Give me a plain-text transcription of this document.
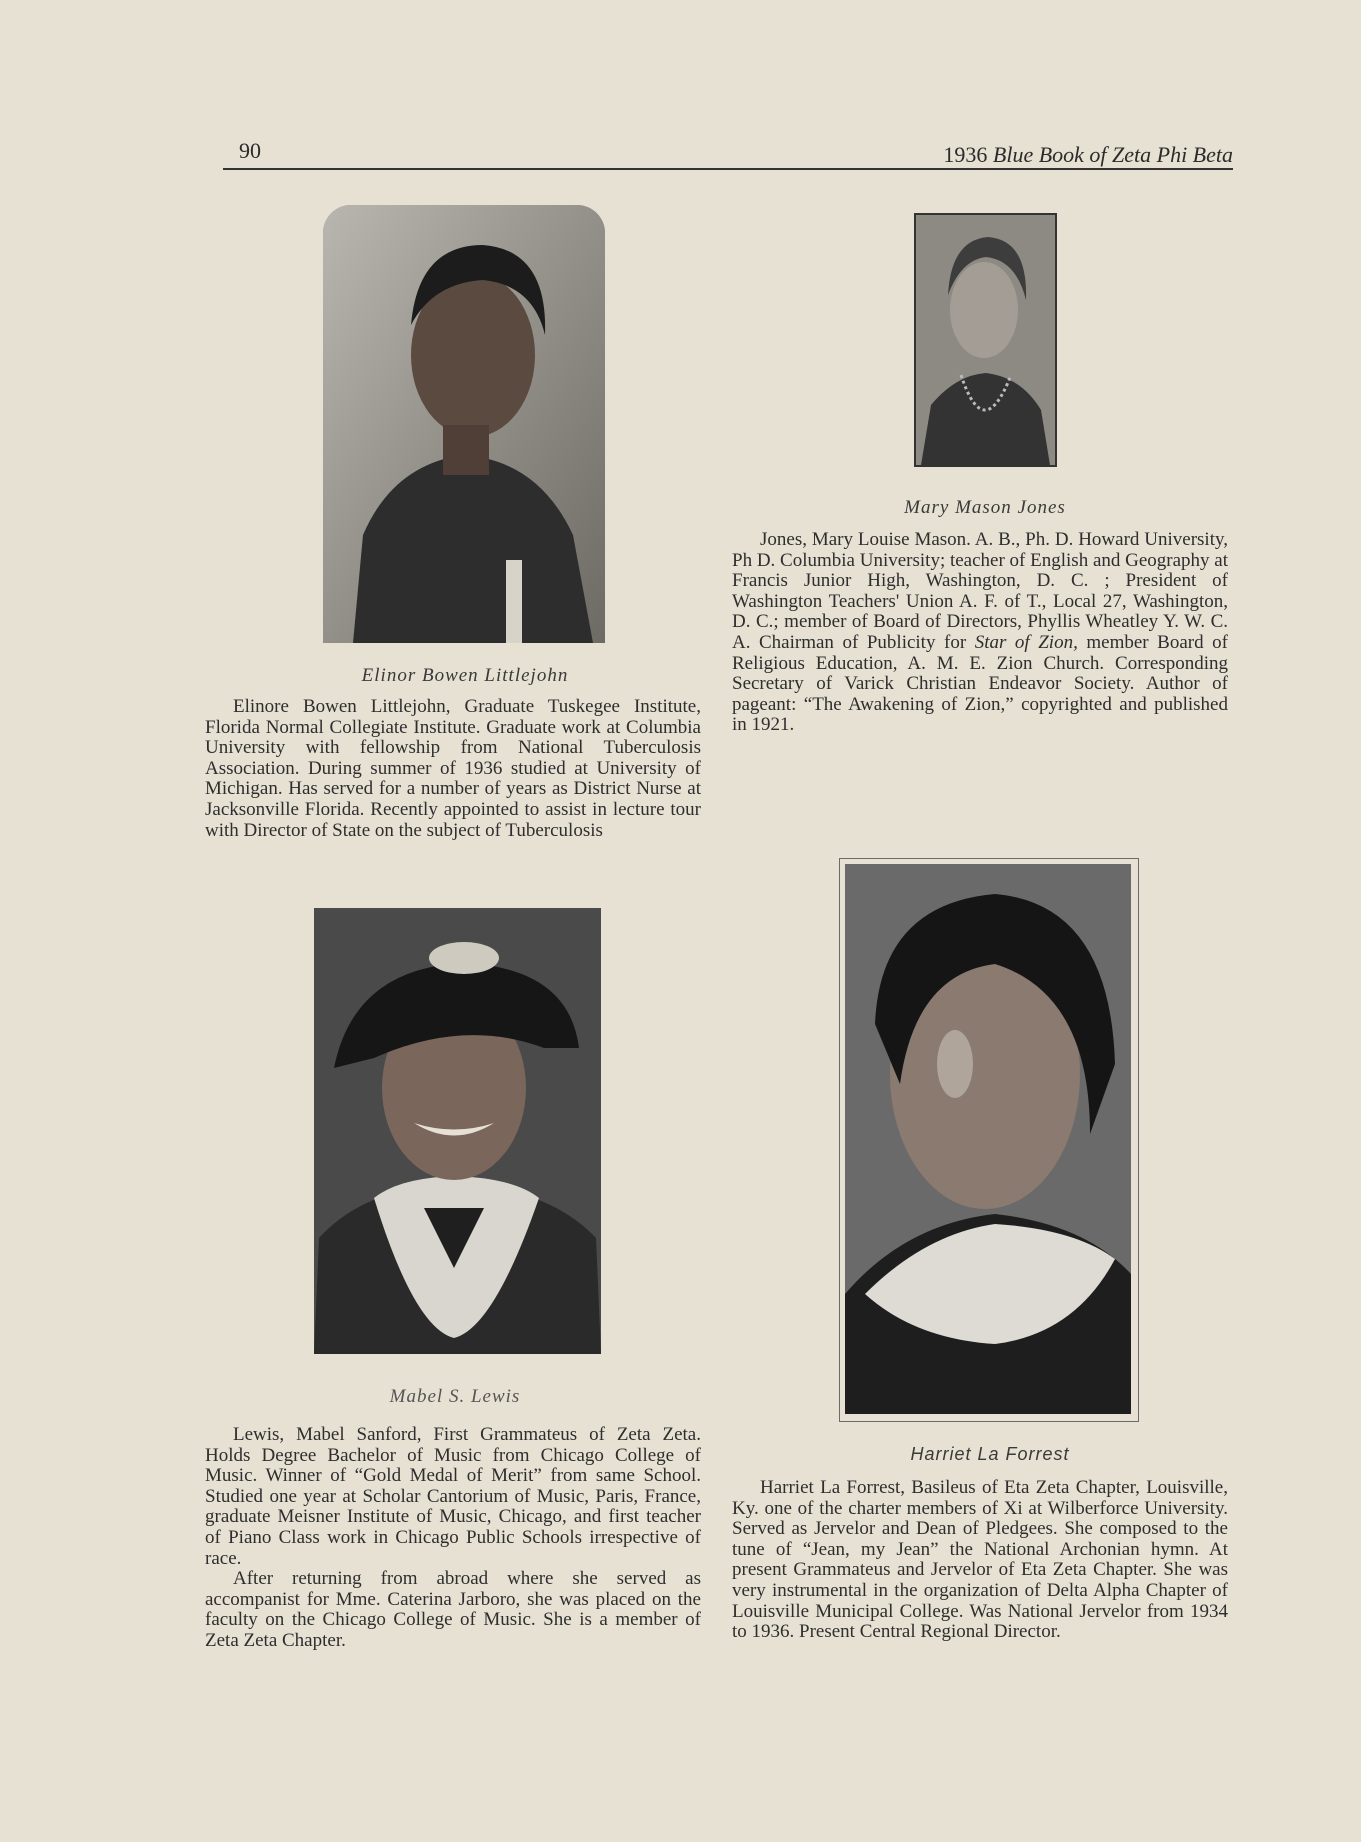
90	1936 Blue Book of Zeta Phi Beta
Elinor Bowen Littlejohn

Elinore Bowen Littlejohn, Graduate Tuskegee Institute, Florida Normal Collegiate Institute. Graduate work at Columbia University with fellowship from National Tuberculosis Association. During summer of 1936 studied at University of Michigan. Has served for a number of years as District Nurse at Jacksonville Florida. Recently appointed to assist in lecture tour with Director of State on the subject of Tuberculosis

Mary Mason Jones

Jones, Mary Louise Mason. A. B., Ph. D. Howard University, Ph D. Columbia University; teacher of English and Geography at Francis Junior High, Washington, D. C. ; President of Washington Teachers' Union A. F. of T., Local 27, Washington, D. C.; member of Board of Directors, Phyllis Wheatley Y. W. C. A. Chairman of Publicity for Star of Zion, member Board of Religious Education, A. M. E. Zion Church. Corresponding Secretary of Varick Christian Endeavor Society. Author of pageant: “The Awakening of Zion,” copyrighted and published in 1921.

Mabel S. Lewis

Lewis, Mabel Sanford, First Grammateus of Zeta Zeta. Holds Degree Bachelor of Music from Chicago College of Music. Winner of “Gold Medal of Merit” from same School. Studied one year at Scholar Cantorium of Music, Paris, France, graduate Meisner Institute of Music, Chicago, and first teacher of Piano Class work in Chicago Public Schools irrespective of race.

After returning from abroad where she served as accompanist for Mme. Caterina Jarboro, she was placed on the faculty on the Chicago College of Music. She is a member of Zeta Zeta Chapter.

Harriet La Forrest

Harriet La Forrest, Basileus of Eta Zeta Chapter, Louisville, Ky. one of the charter members of Xi at Wilberforce University. Served as Jervelor and Dean of Pledgees. She composed to the tune of “Jean, my Jean” the National Archonian hymn. At present Grammateus and Jervelor of Eta Zeta Chapter. She was very instrumental in the organization of Delta Alpha Chapter of Louisville Municipal College. Was National Jervelor from 1934 to 1936. Present Central Regional Director.
